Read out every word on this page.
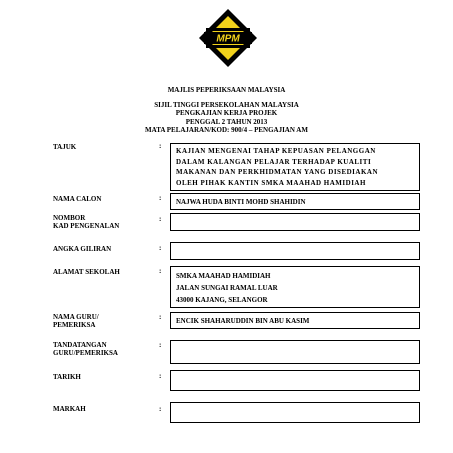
MPM
MAJLIS PEPERIKSAAN MALAYSIA
SIJIL TINGGI PERSEKOLAHAN MALAYSIA
PENGKAJIAN KERJA PROJEK
PENGGAL 2 TAHUN 2013
MATA PELAJARAN/KOD: 900/4 – PENGAJIAN AM
TAJUK	:
KAJIAN MENGENAI TAHAP KEPUASAN PELANGGAN
DALAM KALANGAN PELAJAR TERHADAP KUALITI
MAKANAN DAN PERKHIDMATAN YANG DISEDIAKAN
OLEH PIHAK KANTIN SMKA MAAHAD HAMIDIAH
NAMA CALON	: NAJWA HUDA BINTI MOHD SHAHIDIN
NOMBOR
KAD PENGENALAN
:
ANGKA GILIRAN	:
ALAMAT SEKOLAH	:
SMKA MAAHAD HAMIDIAH
JALAN SUNGAI RAMAL LUAR
43000 KAJANG, SELANGOR
NAMA GURU/
PEMERIKSA
: ENCIK SHAHARUDDIN BIN ABU KASIM
TANDATANGAN
GURU/PEMERIKSA
:
TARIKH	:
MARKAH	:
